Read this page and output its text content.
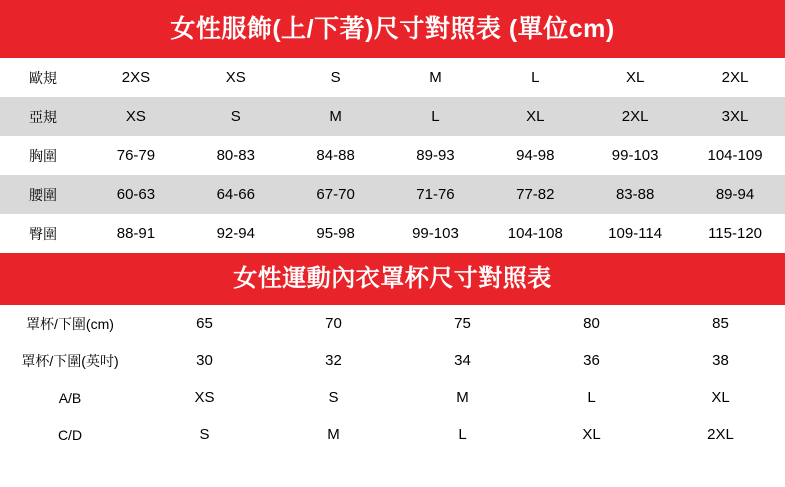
女性服飾(上/下著)尺寸對照表 (單位cm)
歐規	2XS	XS	S	M	L	XL	2XL
亞規	XS	S	M	L	XL	2XL	3XL
胸圍	76-79	80-83	84-88	89-93	94-98	99-103	104-109
腰圍	60-63	64-66	67-70	71-76	77-82	83-88	89-94
臀圍	88-91	92-94	95-98	99-103	104-108	109-114	115-120
女性運動內衣罩杯尺寸對照表
罩杯/下圍(cm)	65	70	75	80	85
罩杯/下圍(英吋)	30	32	34	36	38
A/B	XS	S	M	L	XL
C/D	S	M	L	XL	2XL
